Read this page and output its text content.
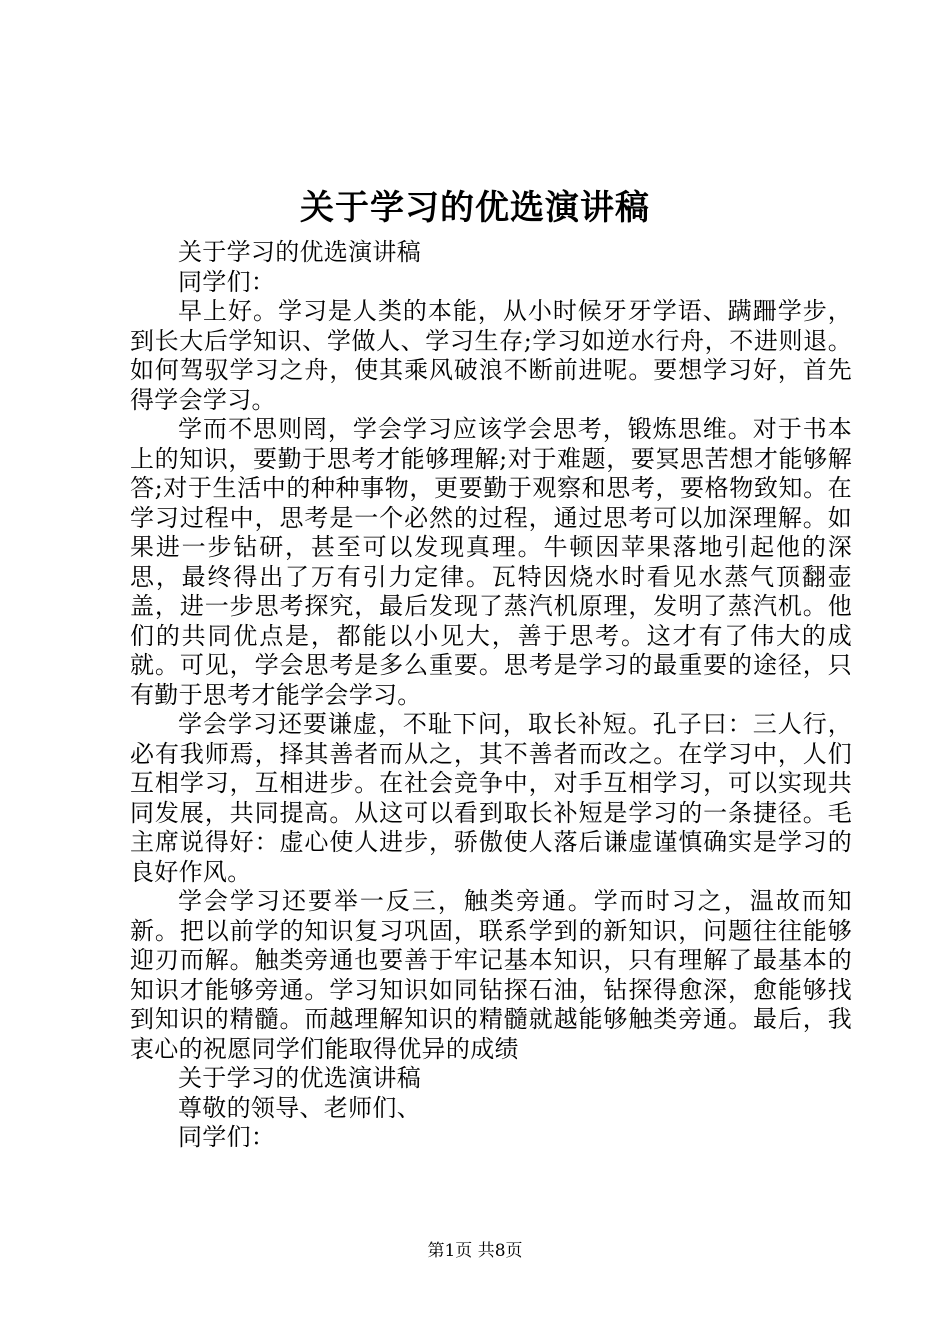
关于学习的优选演讲稿

关于学习的优选演讲稿

同学们：

早上好。学习是人类的本能，从小时候牙牙学语、蹒跚学步，到长大后学知识、学做人、学习生存;学习如逆水行舟，不进则退。如何驾驭学习之舟，使其乘风破浪不断前进呢。要想学习好，首先得学会学习。

学而不思则罔，学会学习应该学会思考，锻炼思维。对于书本上的知识，要勤于思考才能够理解;对于难题，要冥思苦想才能够解答;对于生活中的种种事物，更要勤于观察和思考，要格物致知。在学习过程中，思考是一个必然的过程，通过思考可以加深理解。如果进一步钻研，甚至可以发现真理。牛顿因苹果落地引起他的深思，最终得出了万有引力定律。瓦特因烧水时看见水蒸气顶翻壶盖，进一步思考探究，最后发现了蒸汽机原理，发明了蒸汽机。他们的共同优点是，都能以小见大，善于思考。这才有了伟大的成就。可见，学会思考是多么重要。思考是学习的最重要的途径，只有勤于思考才能学会学习。

学会学习还要谦虚，不耻下问，取长补短。孔子曰：三人行，必有我师焉，择其善者而从之，其不善者而改之。在学习中，人们互相学习，互相进步。在社会竞争中，对手互相学习，可以实现共同发展，共同提高。从这可以看到取长补短是学习的一条捷径。毛主席说得好：虚心使人进步，骄傲使人落后谦虚谨慎确实是学习的良好作风。

学会学习还要举一反三，触类旁通。学而时习之，温故而知新。把以前学的知识复习巩固，联系学到的新知识，问题往往能够迎刃而解。触类旁通也要善于牢记基本知识，只有理解了最基本的知识才能够旁通。学习知识如同钻探石油，钻探得愈深，愈能够找到知识的精髓。而越理解知识的精髓就越能够触类旁通。最后，我衷心的祝愿同学们能取得优异的成绩

关于学习的优选演讲稿

尊敬的领导、老师们、

同学们：

第1页 共8页
